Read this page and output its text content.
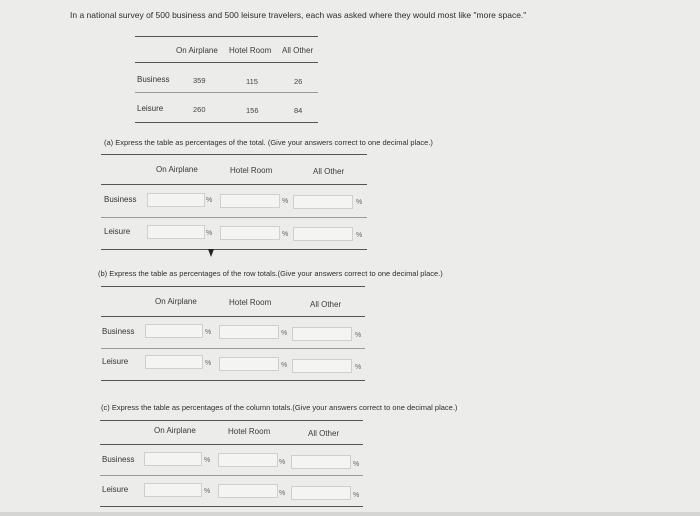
In a national survey of 500 business and 500 leisure travelers, each was asked where they would most like "more space."
On Airplane Hotel Room All Other
Business	359	115	26
Leisure	260	156	84
(a) Express the table as percentages of the total. (Give your answers correct to one decimal place.)
On Airplane	Hotel Room	All Other
Business	%	%	%
Leisure	%	%	%
(b) Express the table as percentages of the row totals.(Give your answers correct to one decimal place.)
On Airplane	Hotel Room	All Other
Business	%	%	%
Leisure	%	%	%
(c) Express the table as percentages of the column totals.(Give your answers correct to one decimal place.)
On Airplane	Hotel Room	All Other
Business	%	%	%
Leisure	%	%	%
